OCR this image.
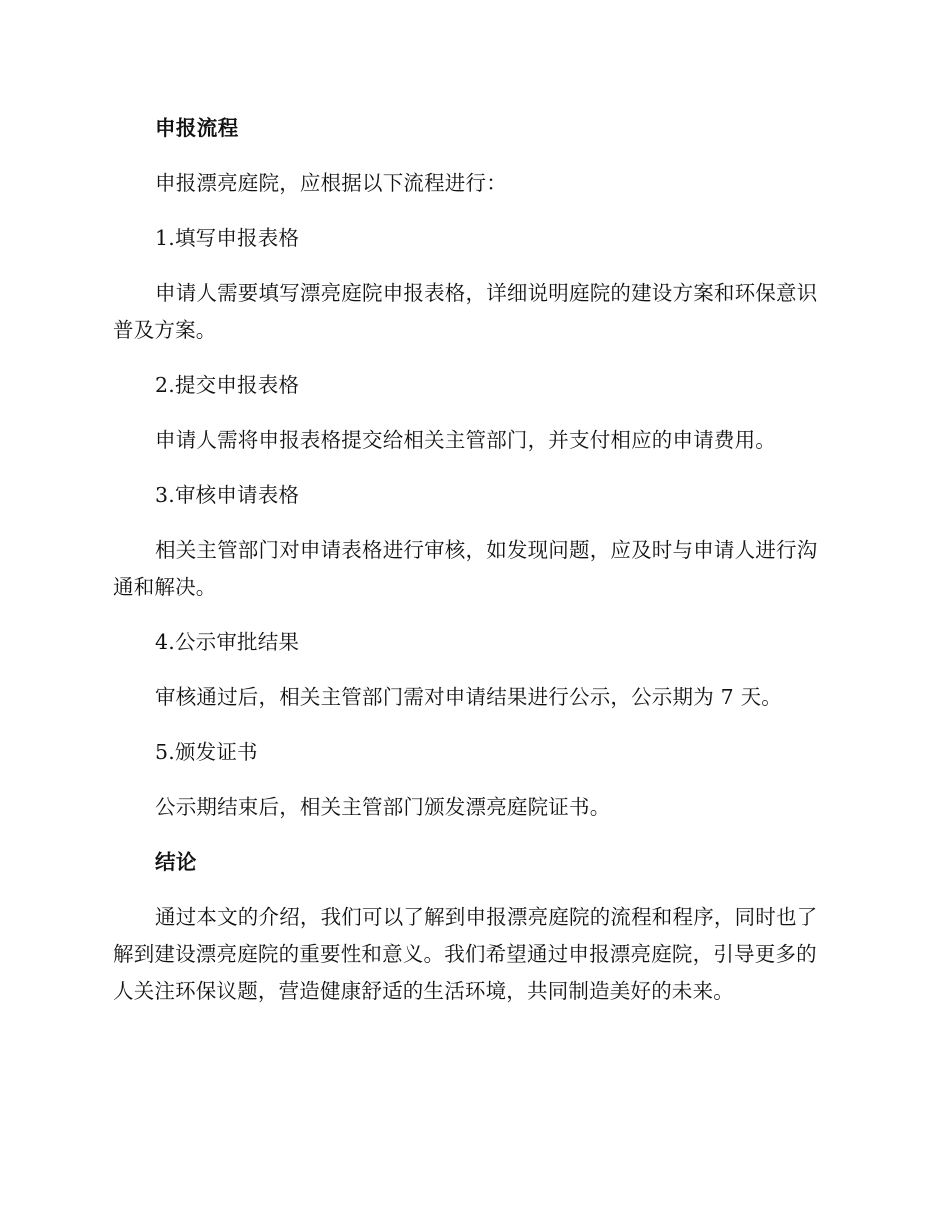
申报流程

申报漂亮庭院，应根据以下流程进行：

1.填写申报表格

申请人需要填写漂亮庭院申报表格，详细说明庭院的建设方案和环保意识普及方案。

2.提交申报表格

申请人需将申报表格提交给相关主管部门，并支付相应的申请费用。

3.审核申请表格

相关主管部门对申请表格进行审核，如发现问题，应及时与申请人进行沟通和解决。

4.公示审批结果

审核通过后，相关主管部门需对申请结果进行公示，公示期为 7 天。

5.颁发证书

公示期结束后，相关主管部门颁发漂亮庭院证书。

结论

通过本文的介绍，我们可以了解到申报漂亮庭院的流程和程序，同时也了解到建设漂亮庭院的重要性和意义。我们希望通过申报漂亮庭院，引导更多的人关注环保议题，营造健康舒适的生活环境，共同制造美好的未来。
